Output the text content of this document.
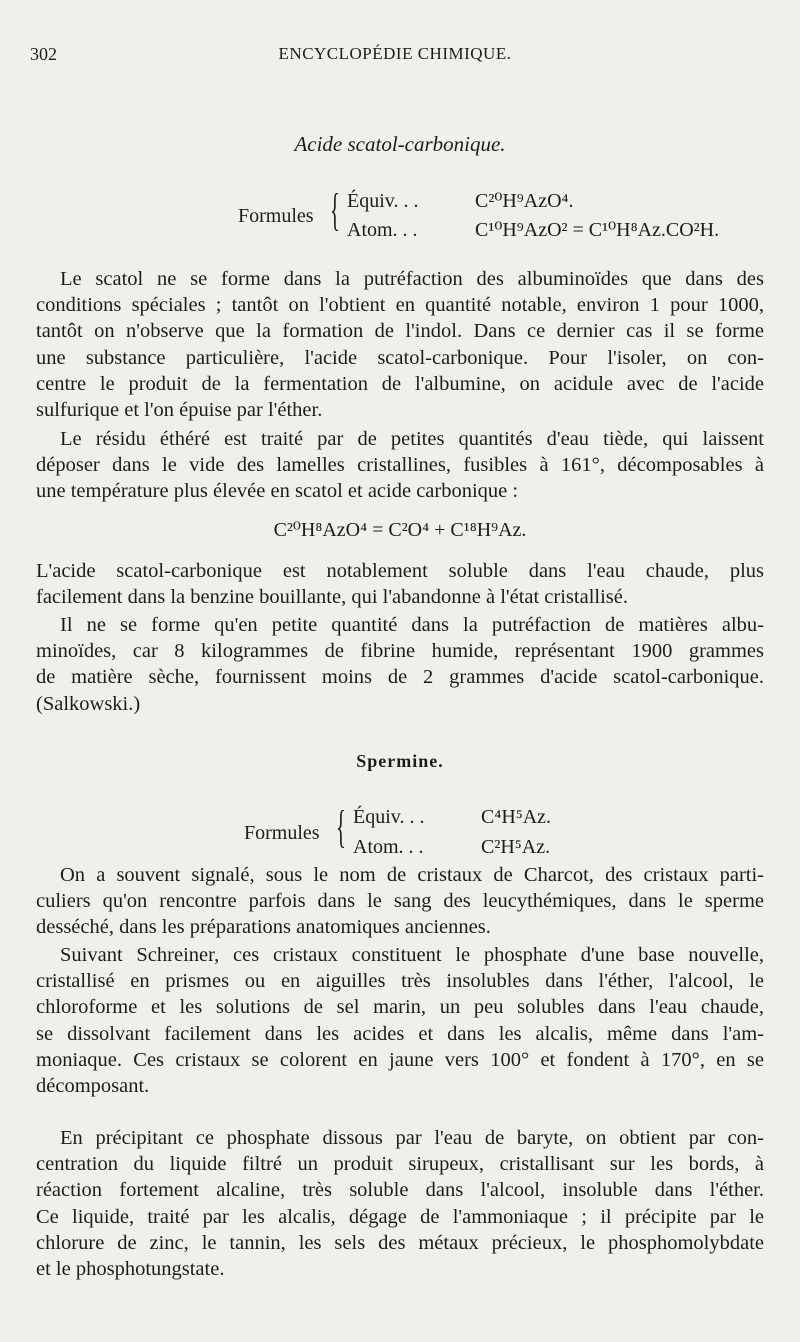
302	ENCYCLOPÉDIE CHIMIQUE.
Acide scatol-carbonique.
Formules { Équiv. . .	C²⁰H⁹AzO⁴.
Atom. . .	C¹⁰H⁹AzO² = C¹⁰H⁸Az.CO²H.
Le scatol ne se forme dans la putréfaction des albuminoïdes que dans des
conditions spéciales ; tantôt on l'obtient en quantité notable, environ 1 pour 1000,
tantôt on n'observe que la formation de l'indol. Dans ce dernier cas il se forme
une substance particulière, l'acide scatol-carbonique. Pour l'isoler, on con-
centre le produit de la fermentation de l'albumine, on acidule avec de l'acide
sulfurique et l'on épuise par l'éther.
Le résidu éthéré est traité par de petites quantités d'eau tiède, qui laissent
déposer dans le vide des lamelles cristallines, fusibles à 161°, décomposables à
une température plus élevée en scatol et acide carbonique :
C²⁰H⁸AzO⁴ = C²O⁴ + C¹⁸H⁹Az.
L'acide scatol-carbonique est notablement soluble dans l'eau chaude, plus
facilement dans la benzine bouillante, qui l'abandonne à l'état cristallisé.
Il ne se forme qu'en petite quantité dans la putréfaction de matières albu-
minoïdes, car 8 kilogrammes de fibrine humide, représentant 1900 grammes
de matière sèche, fournissent moins de 2 grammes d'acide scatol-carbonique.
(Salkowski.)
Spermine.
Formules { Équiv. . .	C⁴H⁵Az.
Atom. . .	C²H⁵Az.
On a souvent signalé, sous le nom de cristaux de Charcot, des cristaux parti-
culiers qu'on rencontre parfois dans le sang des leucythémiques, dans le sperme
desséché, dans les préparations anatomiques anciennes.
Suivant Schreiner, ces cristaux constituent le phosphate d'une base nouvelle,
cristallisé en prismes ou en aiguilles très insolubles dans l'éther, l'alcool, le
chloroforme et les solutions de sel marin, un peu solubles dans l'eau chaude,
se dissolvant facilement dans les acides et dans les alcalis, même dans l'am-
moniaque. Ces cristaux se colorent en jaune vers 100° et fondent à 170°, en se
décomposant.
En précipitant ce phosphate dissous par l'eau de baryte, on obtient par con-
centration du liquide filtré un produit sirupeux, cristallisant sur les bords, à
réaction fortement alcaline, très soluble dans l'alcool, insoluble dans l'éther.
Ce liquide, traité par les alcalis, dégage de l'ammoniaque ; il précipite par le
chlorure de zinc, le tannin, les sels des métaux précieux, le phosphomolybdate
et le phosphotungstate.
